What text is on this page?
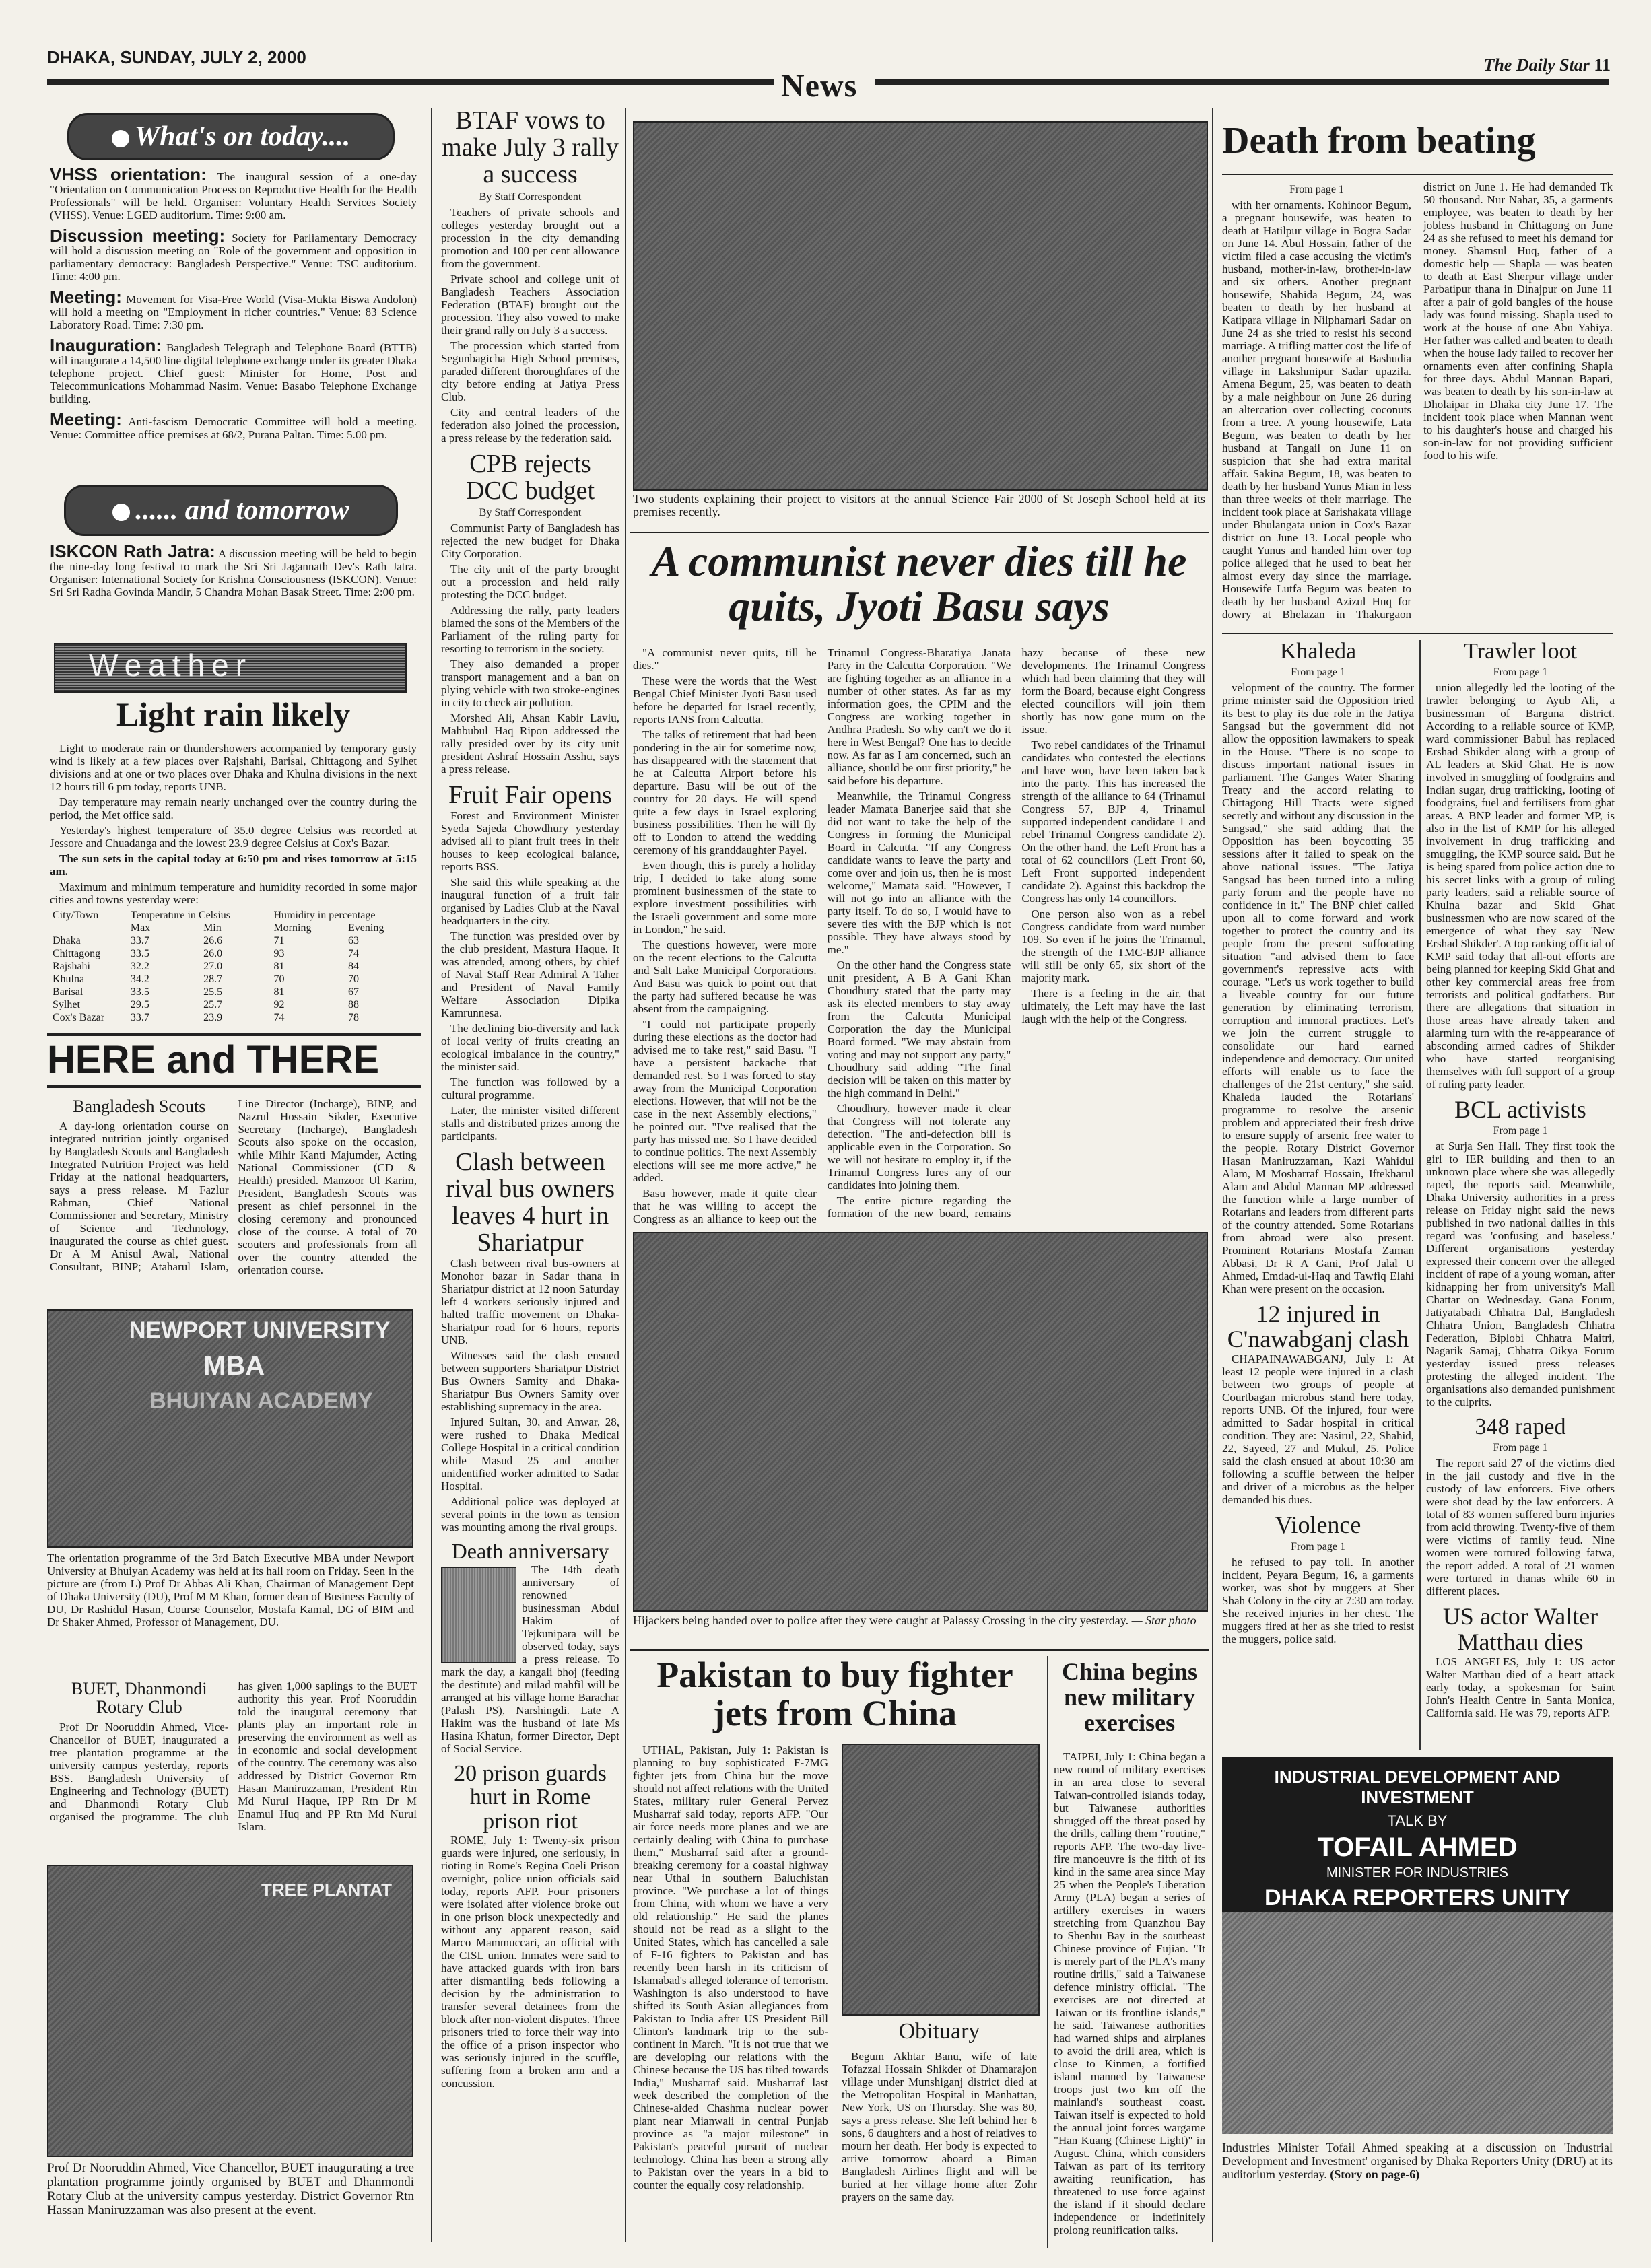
DHAKA, SUNDAY, JULY 2, 2000
News
The Daily Star 11
What's on today....

VHSS orientation: The inaugural session of a one-day "Orientation on Communication Process on Reproductive Health for the Health Professionals" will be held. Organiser: Voluntary Health Services Society (VHSS). Venue: LGED auditorium. Time: 9:00 am.

Discussion meeting: Society for Parliamentary Democracy will hold a discussion meeting on "Role of the government and opposition in parliamentary democracy: Bangladesh Perspective." Venue: TSC auditorium. Time: 4:00 pm.

Meeting: Movement for Visa-Free World (Visa-Mukta Biswa Andolon) will hold a meeting on "Employment in richer countries." Venue: 83 Science Laboratory Road. Time: 7:30 pm.

Inauguration: Bangladesh Telegraph and Telephone Board (BTTB) will inaugurate a 14,500 line digital telephone exchange under its greater Dhaka telephone project. Chief guest: Minister for Home, Post and Telecommunications Mohammad Nasim. Venue: Basabo Telephone Exchange building.

Meeting: Anti-fascism Democratic Committee will hold a meeting. Venue: Committee office premises at 68/2, Purana Paltan. Time: 5.00 pm.

...... and tomorrow

ISKCON Rath Jatra: A discussion meeting will be held to begin the nine-day long festival to mark the Sri Sri Jagannath Dev's Rath Jatra. Organiser: International Society for Krishna Consciousness (ISKCON). Venue: Sri Sri Radha Govinda Mandir, 5 Chandra Mohan Basak Street. Time: 2:00 pm.

Weather
Light rain likely

Light to moderate rain or thundershowers accompanied by temporary gusty wind is likely at a few places over Rajshahi, Barisal, Chittagong and Sylhet divisions and at one or two places over Dhaka and Khulna divisions in the next 12 hours till 6 pm today, reports UNB.

Day temperature may remain nearly unchanged over the country during the period, the Met office said.

Yesterday's highest temperature of 35.0 degree Celsius was recorded at Jessore and Chuadanga and the lowest 23.9 degree Celsius at Cox's Bazar.

The sun sets in the capital today at 6:50 pm and rises tomorrow at 5:15 am.

Maximum and minimum temperature and humidity recorded in some major cities and towns yesterday were:

City/Town	Temperature in Celsius		Humidity in percentage	
	Max	Min	Morning	Evening
Dhaka	33.7	26.6	71	63
Chittagong	33.5	26.0	93	74
Rajshahi	32.2	27.0	81	84
Khulna	34.2	28.7	70	70
Barisal	33.5	25.5	81	67
Sylhet	29.5	25.7	92	88
Cox's Bazar	33.7	23.9	74	78
HERE and THERE
Bangladesh Scouts

A day-long orientation course on integrated nutrition jointly organised by Bangladesh Scouts and Bangladesh Integrated Nutrition Project was held Friday at the national headquarters, says a press release. M Fazlur Rahman, Chief National Commissioner and Secretary, Ministry of Science and Technology, inaugurated the course as chief guest. Dr A M Anisul Awal, National Consultant, BINP; Ataharul Islam, Line Director (Incharge), BINP, and Nazrul Hossain Sikder, Executive Secretary (Incharge), Bangladesh Scouts also spoke on the occasion, while Mihir Kanti Majumder, Acting National Commissioner (CD & Health) presided. Manzoor Ul Karim, President, Bangladesh Scouts was present as chief personnel in the closing ceremony and pronounced close of the course. A total of 70 scouters and professionals from all over the country attended the orientation course.

NEWPORT UNIVERSITY
MBA
BHUIYAN ACADEMY
The orientation programme of the 3rd Batch Executive MBA under Newport University at Bhuiyan Academy was held at its hall room on Friday. Seen in the picture are (from L) Prof Dr Abbas Ali Khan, Chairman of Management Dept of Dhaka University (DU), Prof M M Khan, former dean of Business Faculty of DU, Dr Rashidul Hasan, Course Counselor, Mostafa Kamal, DG of BIM and Dr Shaker Ahmed, Professor of Management, DU.
BUET, Dhanmondi Rotary Club

Prof Dr Nooruddin Ahmed, Vice-Chancellor of BUET, inaugurated a tree plantation programme at the university campus yesterday, reports BSS. Bangladesh University of Engineering and Technology (BUET) and Dhanmondi Rotary Club organised the programme. The club has given 1,000 saplings to the BUET authority this year. Prof Nooruddin told the inaugural ceremony that plants play an important role in preserving the environment as well as in economic and social development of the country. The ceremony was also addressed by District Governor Rtn Hasan Maniruzzaman, President Rtn Md Nurul Haque, IPP Rtn Dr M Enamul Huq and PP Rtn Md Nurul Islam.

TREE PLANTAT
Prof Dr Nooruddin Ahmed, Vice Chancellor, BUET inaugurating a tree plantation programme jointly organised by BUET and Dhanmondi Rotary Club at the university campus yesterday. District Governor Rtn Hassan Maniruzzaman was also present at the event.
BTAF vows to make July 3 rally a success
By Staff Correspondent

Teachers of private schools and colleges yesterday brought out a procession in the city demanding promotion and 100 per cent allowance from the government.

Private school and college unit of Bangladesh Teachers Association Federation (BTAF) brought out the procession. They also vowed to make their grand rally on July 3 a success.

The procession which started from Segunbagicha High School premises, paraded different thoroughfares of the city before ending at Jatiya Press Club.

City and central leaders of the federation also joined the procession, a press release by the federation said.

CPB rejects DCC budget
By Staff Correspondent

Communist Party of Bangladesh has rejected the new budget for Dhaka City Corporation.

The city unit of the party brought out a procession and held rally protesting the DCC budget.

Addressing the rally, party leaders blamed the sons of the Members of the Parliament of the ruling party for resorting to terrorism in the society.

They also demanded a proper transport management and a ban on plying vehicle with two stroke-engines in city to check air pollution.

Morshed Ali, Ahsan Kabir Lavlu, Mahbubul Haq Ripon addressed the rally presided over by its city unit president Ashraf Hossain Asshu, says a press release.

Fruit Fair opens

Forest and Environment Minister Syeda Sajeda Chowdhury yesterday advised all to plant fruit trees in their houses to keep ecological balance, reports BSS.

She said this while speaking at the inaugural function of a fruit fair organised by Ladies Club at the Naval headquarters in the city.

The function was presided over by the club president, Mastura Haque. It was attended, among others, by chief of Naval Staff Rear Admiral A Taher and President of Naval Family Welfare Association Dipika Kamrunnesa.

The declining bio-diversity and lack of local verity of fruits creating an ecological imbalance in the country," the minister said.

The function was followed by a cultural programme.

Later, the minister visited different stalls and distributed prizes among the participants.

Clash between rival bus owners leaves 4 hurt in Shariatpur

Clash between rival bus-owners at Monohor bazar in Sadar thana in Shariatpur district at 12 noon Saturday left 4 workers seriously injured and halted traffic movement on Dhaka-Shariatpur road for 6 hours, reports UNB.

Witnesses said the clash ensued between supporters Shariatpur District Bus Owners Samity and Dhaka-Shariatpur Bus Owners Samity over establishing supremacy in the area.

Injured Sultan, 30, and Anwar, 28, were rushed to Dhaka Medical College Hospital in a critical condition while Masud 25 and another unidentified worker admitted to Sadar Hospital.

Additional police was deployed at several points in the town as tension was mounting among the rival groups.

Death anniversary

The 14th death anniversary of renowned businessman Abdul Hakim of Tejkunipara will be observed today, says a press release. To mark the day, a kangali bhoj (feeding the destitute) and milad mahfil will be arranged at his village home Barachar (Palash PS), Narshingdi. Late A Hakim was the husband of late Ms Hasina Khatun, former Director, Dept of Social Service.

20 prison guards hurt in Rome prison riot

ROME, July 1: Twenty-six prison guards were injured, one seriously, in rioting in Rome's Regina Coeli Prison overnight, police union officials said today, reports AFP. Four prisoners were isolated after violence broke out in one prison block unexpectedly and without any apparent reason, said Marco Mammuccari, an official with the CISL union. Inmates were said to have attacked guards with iron bars after dismantling beds following a decision by the administration to transfer several detainees from the block after non-violent disputes. Three prisoners tried to force their way into the office of a prison inspector who was seriously injured in the scuffle, suffering from a broken arm and a concussion.

Two students explaining their project to visitors at the annual Science Fair 2000 of St Joseph School held at its premises recently.
A communist never dies till he quits, Jyoti Basu says

"A communist never quits, till he dies."

These were the words that the West Bengal Chief Minister Jyoti Basu used before he departed for Israel recently, reports IANS from Calcutta.

The talks of retirement that had been pondering in the air for sometime now, has disappeared with the statement that he at Calcutta Airport before his departure. Basu will be out of the country for 20 days. He will spend quite a few days in Israel exploring business possibilities. Then he will fly off to London to attend the wedding ceremony of his granddaughter Payel.

Even though, this is purely a holiday trip, I decided to take along some prominent businessmen of the state to explore investment possibilities with the Israeli government and some more in London," he said.

The questions however, were more on the recent elections to the Calcutta and Salt Lake Municipal Corporations. And Basu was quick to point out that the party had suffered because he was absent from the campaigning.

"I could not participate properly during these elections as the doctor had advised me to take rest," said Basu. "I have a persistent backache that demanded rest. So I was forced to stay away from the Municipal Corporation elections. However, that will not be the case in the next Assembly elections," he pointed out. "I've realised that the party has missed me. So I have decided to continue politics. The next Assembly elections will see me more active," he added.

Basu however, made it quite clear that he was willing to accept the Congress as an alliance to keep out the Trinamul Congress-Bharatiya Janata Party in the Calcutta Corporation. "We are fighting together as an alliance in a number of other states. As far as my information goes, the CPIM and the Congress are working together in Andhra Pradesh. So why can't we do it here in West Bengal? One has to decide now. As far as I am concerned, such an alliance, should be our first priority," he said before his departure.

Meanwhile, the Trinamul Congress leader Mamata Banerjee said that she did not want to take the help of the Congress in forming the Municipal Board in Calcutta. "If any Congress candidate wants to leave the party and come over and join us, then he is most welcome," Mamata said. "However, I will not go into an alliance with the party itself. To do so, I would have to severe ties with the BJP which is not possible. They have always stood by me."

On the other hand the Congress state unit president, A B A Gani Khan Choudhury stated that the party may ask its elected members to stay away from the Calcutta Municipal Corporation the day the Municipal Board formed. "We may abstain from voting and may not support any party," Choudhury said adding "The final decision will be taken on this matter by the high command in Delhi."

Choudhury, however made it clear that Congress will not tolerate any defection. "The anti-defection bill is applicable even in the Corporation. So we will not hesitate to employ it, if the Trinamul Congress lures any of our candidates into joining them.

The entire picture regarding the formation of the new board, remains hazy because of these new developments. The Trinamul Congress which had been claiming that they will form the Board, because eight Congress elected councillors will join them shortly has now gone mum on the issue.

Two rebel candidates of the Trinamul candidates who contested the elections and have won, have been taken back into the party. This has increased the strength of the alliance to 64 (Trinamul Congress 57, BJP 4, Trinamul supported independent candidate 1 and rebel Trinamul Congress candidate 2). On the other hand, the Left Front has a total of 62 councillors (Left Front 60, Left Front supported independent candidate 2). Against this backdrop the Congress has only 14 councillors.

One person also won as a rebel Congress candidate from ward number 109. So even if he joins the Trinamul, the strength of the TMC-BJP alliance will still be only 65, six short of the majority mark.

There is a feeling in the air, that ultimately, the Left may have the last laugh with the help of the Congress.

Hijackers being handed over to police after they were caught at Palassy Crossing in the city yesterday. — Star photo
Pakistan to buy fighter jets from China

UTHAL, Pakistan, July 1: Pakistan is planning to buy sophisticated F-7MG fighter jets from China but the move should not affect relations with the United States, military ruler General Pervez Musharraf said today, reports AFP. "Our air force needs more planes and we are certainly dealing with China to purchase them," Musharraf said after a ground-breaking ceremony for a coastal highway near Uthal in southern Baluchistan province. "We purchase a lot of things from China, with whom we have a very old relationship." He said the planes should not be read as a slight to the United States, which has cancelled a sale of F-16 fighters to Pakistan and has recently been harsh in its criticism of Islamabad's alleged tolerance of terrorism. Washington is also understood to have shifted its South Asian allegiances from Pakistan to India after US President Bill Clinton's landmark trip to the sub-continent in March. "It is not true that we are developing our relations with the Chinese because the US has tilted towards India," Musharraf said. Musharraf last week described the completion of the Chinese-aided Chashma nuclear power plant near Mianwali in central Punjab province as "a major milestone" in Pakistan's peaceful pursuit of nuclear technology. China has been a strong ally to Pakistan over the years in a bid to counter the equally cosy relationship.

Obituary

Begum Akhtar Banu, wife of late Tofazzal Hossain Shikder of Dhamarajon village under Munshiganj district died at the Metropolitan Hospital in Manhattan, New York, US on Thursday. She was 80, says a press release. She left behind her 6 sons, 6 daughters and a host of relatives to mourn her death. Her body is expected to arrive tomorrow aboard a Biman Bangladesh Airlines flight and will be buried at her village home after Zohr prayers on the same day.

China begins new military exercises

TAIPEI, July 1: China began a new round of military exercises in an area close to several Taiwan-controlled islands today, but Taiwanese authorities shrugged off the threat posed by the drills, calling them "routine," reports AFP. The two-day live-fire manoeuvre is the fifth of its kind in the same area since May 25 when the People's Liberation Army (PLA) began a series of artillery exercises in waters stretching from Quanzhou Bay to Shenhu Bay in the southeast Chinese province of Fujian. "It is merely part of the PLA's many routine drills," said a Taiwanese defence ministry official. "The exercises are not directed at Taiwan or its frontline islands," he said. Taiwanese authorities had warned ships and airplanes to avoid the drill area, which is close to Kinmen, a fortified island manned by Taiwanese troops just two km off the mainland's southeast coast. Taiwan itself is expected to hold the annual joint forces wargame "Han Kuang (Chinese Light)" in August. China, which considers Taiwan as part of its territory awaiting reunification, has threatened to use force against the island if it should declare independence or indefinitely prolong reunification talks.

Death from beating
From page 1

with her ornaments. Kohinoor Begum, a pregnant housewife, was beaten to death at Hatilpur village in Bogra Sadar on June 14. Abul Hossain, father of the victim filed a case accusing the victim's husband, mother-in-law, brother-in-law and six others. Another pregnant housewife, Shahida Begum, 24, was beaten to death by her husband at Katipara village in Nilphamari Sadar on June 24 as she tried to resist his second marriage. A trifling matter cost the life of another pregnant housewife at Bashudia village in Lakshmipur Sadar upazila. Amena Begum, 25, was beaten to death by a male neighbour on June 26 during an altercation over collecting coconuts from a tree. A young housewife, Lata Begum, was beaten to death by her husband at Tangail on June 11 on suspicion that she had extra marital affair. Sakina Begum, 18, was beaten to death by her husband Yunus Mian in less than three weeks of their marriage. The incident took place at Sarishakata village under Bhulangata union in Cox's Bazar district on June 13. Local people who caught Yunus and handed him over top police alleged that he used to beat her almost every day since the marriage. Housewife Lutfa Begum was beaten to death by her husband Azizul Huq for dowry at Bhelazan in Thakurgaon district on June 1. He had demanded Tk 50 thousand. Nur Nahar, 35, a garments employee, was beaten to death by her jobless husband in Chittagong on June 24 as she refused to meet his demand for money. Shamsul Huq, father of a domestic help — Shapla — was beaten to death at East Sherpur village under Parbatipur thana in Dinajpur on June 11 after a pair of gold bangles of the house lady was found missing. Shapla used to work at the house of one Abu Yahiya. Her father was called and beaten to death when the house lady failed to recover her ornaments even after confining Shapla for three days. Abdul Mannan Bapari, was beaten to death by his son-in-law at Dholaipar in Dhaka city June 17. The incident took place when Mannan went to his daughter's house and charged his son-in-law for not providing sufficient food to his wife.

Khaleda
From page 1

velopment of the country. The former prime minister said the Opposition tried its best to play its due role in the Jatiya Sangsad but the government did not allow the opposition lawmakers to speak in the House. "There is no scope to discuss important national issues in parliament. The Ganges Water Sharing Treaty and the accord relating to Chittagong Hill Tracts were signed secretly and without any discussion in the Sangsad," she said adding that the Opposition has been boycotting 35 sessions after it failed to speak on the above national issues. "The Jatiya Sangsad has been turned into a ruling party forum and the people have no confidence in it." The BNP chief called upon all to come forward and work together to protect the country and its people from the present suffocating situation "and advised them to face government's repressive acts with courage. "Let's us work together to build a liveable country for our future generation by eliminating terrorism, corruption and immoral practices. Let's we join the current struggle to consolidate our hard earned independence and democracy. Our united efforts will enable us to face the challenges of the 21st century," she said. Khaleda lauded the Rotarians' programme to resolve the arsenic problem and appreciated their fresh drive to ensure supply of arsenic free water to the people. Rotary District Governor Hasan Maniruzzaman, Kazi Wahidul Alam, M Mosharraf Hossain, Iftekharul Alam and Abdul Mannan MP addressed the function while a large number of Rotarians and leaders from different parts of the country attended. Some Rotarians from abroad were also present. Prominent Rotarians Mostafa Zaman Abbasi, Dr R A Gani, Prof Jalal U Ahmed, Emdad-ul-Haq and Tawfiq Elahi Khan were present on the occasion.

12 injured in C'nawabganj clash

CHAPAINAWABGANJ, July 1: At least 12 people were injured in a clash between two groups of people at Courtbagan microbus stand here today, reports UNB. Of the injured, four were admitted to Sadar hospital in critical condition. They are: Nasirul, 22, Shahid, 22, Sayeed, 27 and Mukul, 25. Police said the clash ensued at about 10:30 am following a scuffle between the helper and driver of a microbus as the helper demanded his dues.

Violence
From page 1

he refused to pay toll. In another incident, Peyara Begum, 16, a garments worker, was shot by muggers at Sher Shah Colony in the city at 7:30 am today. She received injuries in her chest. The muggers fired at her as she tried to resist the muggers, police said.

Trawler loot
From page 1

union allegedly led the looting of the trawler belonging to Ayub Ali, a businessman of Barguna district. According to a reliable source of KMP, ward commissioner Babul has replaced Ershad Shikder along with a group of AL leaders at Skid Ghat. He is now involved in smuggling of foodgrains and Indian sugar, drug trafficking, looting of foodgrains, fuel and fertilisers from ghat areas. A BNP leader and former MP, is also in the list of KMP for his alleged involvement in drug trafficking and smuggling, the KMP source said. But he is being spared from police action due to his secret links with a group of ruling party leaders, said a reliable source of Khulna bazar and Skid Ghat businessmen who are now scared of the emergence of what they say 'New Ershad Shikder'. A top ranking official of KMP said today that all-out efforts are being planned for keeping Skid Ghat and other key commercial areas free from terrorists and political godfathers. But there are allegations that situation in those areas have already taken and alarming turn with the re-appearance of absconding armed cadres of Shikder who have started reorganising themselves with full support of a group of ruling party leader.

BCL activists
From page 1

at Surja Sen Hall. They first took the girl to IER building and then to an unknown place where she was allegedly raped, the reports said. Meanwhile, Dhaka University authorities in a press release on Friday night said the news published in two national dailies in this regard was 'confusing and baseless.' Different organisations yesterday expressed their concern over the alleged incident of rape of a young woman, after kidnapping her from university's Mall Chattar on Wednesday. Gana Forum, Jatiyatabadi Chhatra Dal, Bangladesh Chhatra Union, Bangladesh Chhatra Federation, Biplobi Chhatra Maitri, Nagarik Samaj, Chhatra Oikya Forum yesterday issued press releases protesting the alleged incident. The organisations also demanded punishment to the culprits.

348 raped
From page 1

The report said 27 of the victims died in the jail custody and five in the custody of law enforcers. Five others were shot dead by the law enforcers. A total of 83 women suffered burn injuries from acid throwing. Twenty-five of them were victims of family feud. Nine women were tortured following fatwa, the report added. A total of 21 women were tortured in thanas while 60 in different places.

US actor Walter Matthau dies

LOS ANGELES, July 1: US actor Walter Matthau died of a heart attack early today, a spokesman for Saint John's Health Centre in Santa Monica, California said. He was 79, reports AFP.

INDUSTRIAL DEVELOPMENT AND INVESTMENT
TALK BY
TOFAIL AHMED
MINISTER FOR INDUSTRIES
DHAKA REPORTERS UNITY
Industries Minister Tofail Ahmed speaking at a discussion on 'Industrial Development and Investment' organised by Dhaka Reporters Unity (DRU) at its auditorium yesterday. (Story on page-6)
